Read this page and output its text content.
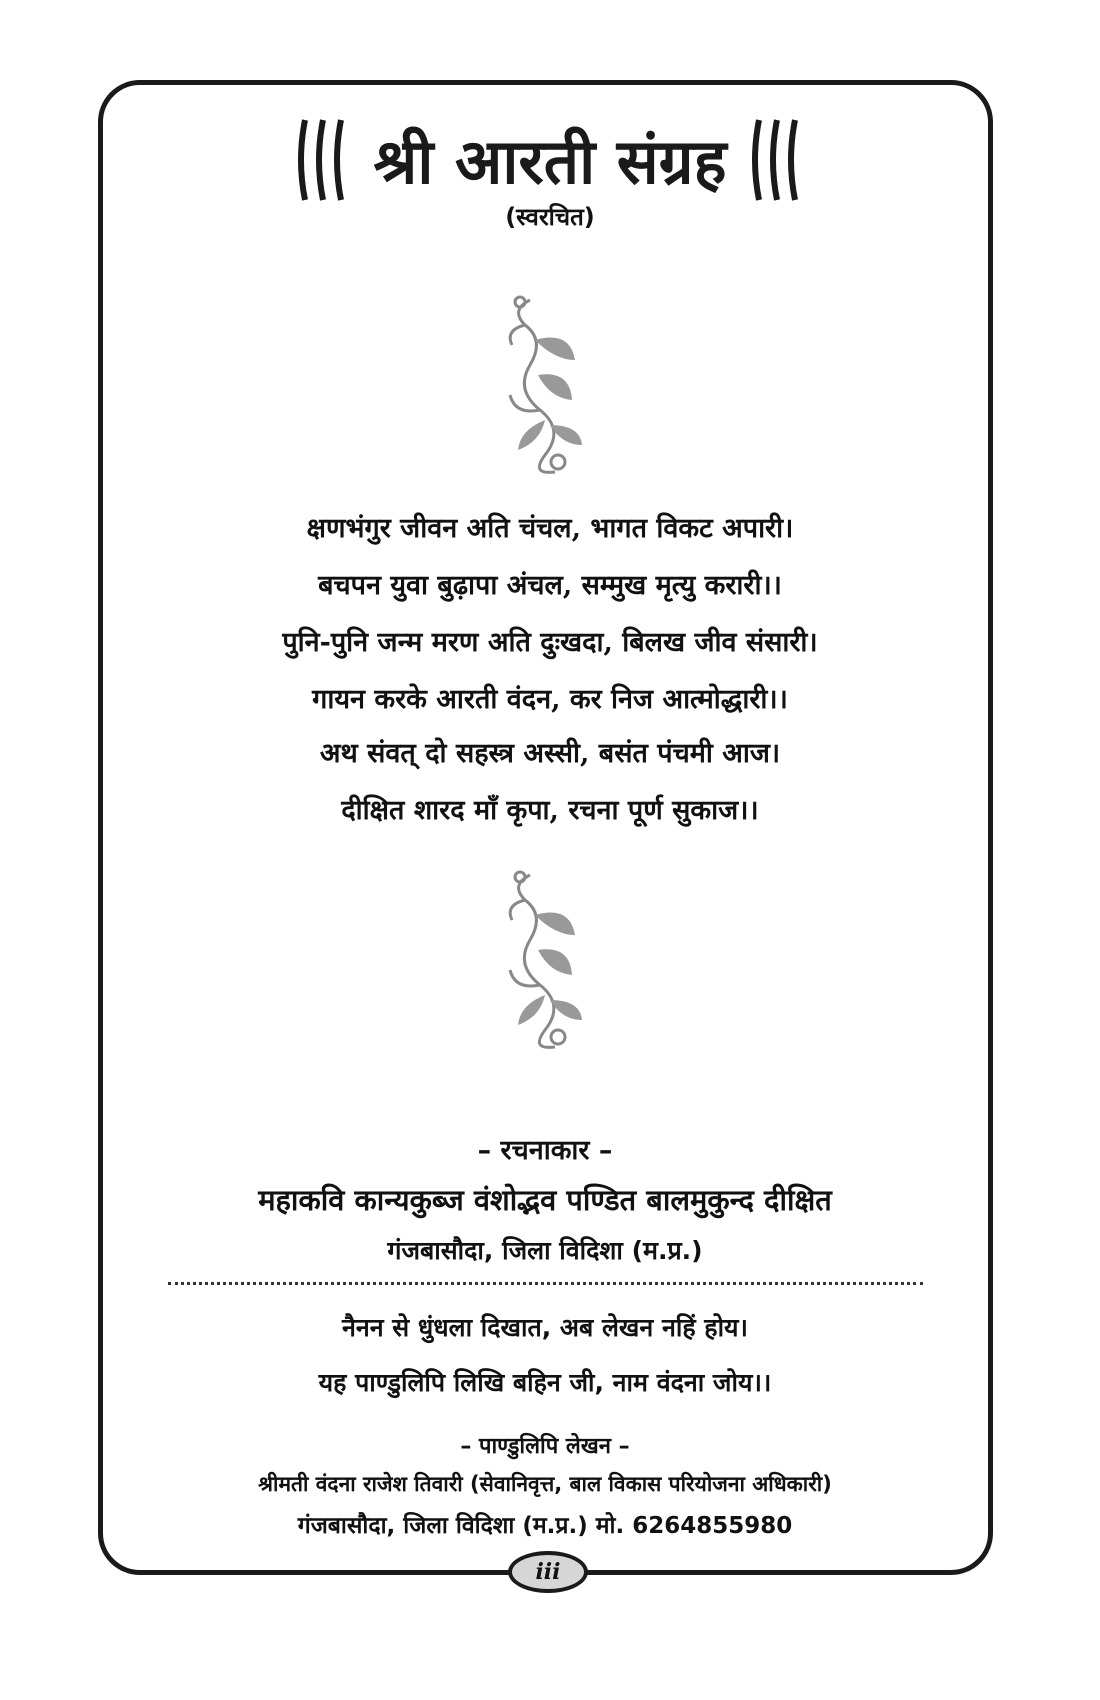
श्री आरती संग्रह
(स्वरचित)
क्षणभंगुर जीवन अति चंचल, भागत विकट अपारी।
बचपन युवा बुढ़ापा अंचल, सम्मुख मृत्यु करारी।।
पुनि-पुनि जन्म मरण अति दुःखदा, बिलख जीव संसारी।
गायन करके आरती वंदन, कर निज आत्मोद्धारी।।
अथ संवत् दो सहस्त्र अस्सी, बसंत पंचमी आज।
दीक्षित शारद माँ कृपा, रचना पूर्ण सुकाज।।
– रचनाकार –
महाकवि कान्यकुब्ज वंशोद्भव पण्डित बालमुकुन्द दीक्षित
गंजबासौदा, जिला विदिशा (म.प्र.)
नैनन से धुंधला दिखात, अब लेखन नहिं होय।
यह पाण्डुलिपि लिखि बहिन जी, नाम वंदना जोय।।
– पाण्डुलिपि लेखन –
श्रीमती वंदना राजेश तिवारी (सेवानिवृत्त, बाल विकास परियोजना अधिकारी)
गंजबासौदा, जिला विदिशा (म.प्र.) मो. 6264855980
iii
